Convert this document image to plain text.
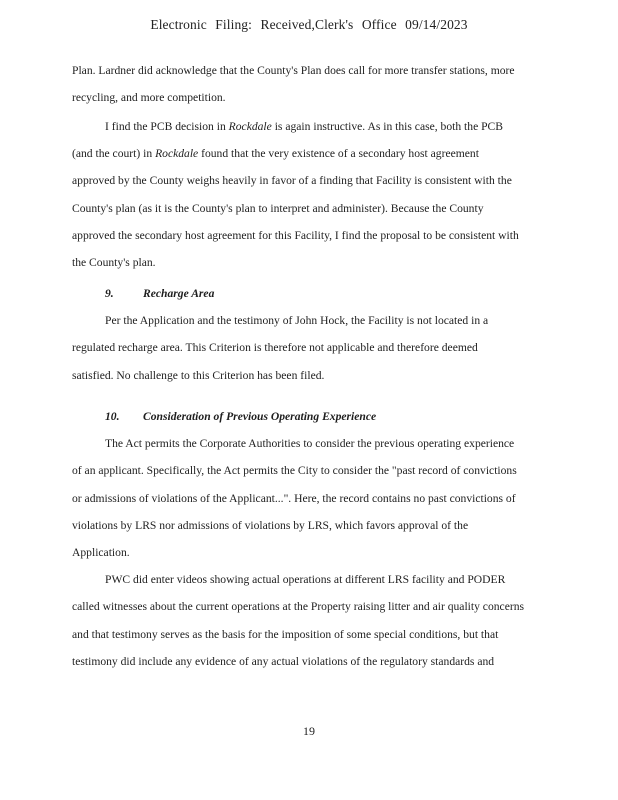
Electronic Filing: Received,Clerk's Office 09/14/2023
Plan. Lardner did acknowledge that the County's Plan does call for more transfer stations, more
recycling, and more competition.
I find the PCB decision in Rockdale is again instructive. As in this case, both the PCB
(and the court) in Rockdale found that the very existence of a secondary host agreement
approved by the County weighs heavily in favor of a finding that Facility is consistent with the
County's plan (as it is the County's plan to interpret and administer). Because the County
approved the secondary host agreement for this Facility, I find the proposal to be consistent with
the County's plan.
9.	Recharge Area
Per the Application and the testimony of John Hock, the Facility is not located in a
regulated recharge area. This Criterion is therefore not applicable and therefore deemed
satisfied. No challenge to this Criterion has been filed.
10. Consideration of Previous Operating Experience
The Act permits the Corporate Authorities to consider the previous operating experience
of an applicant. Specifically, the Act permits the City to consider the "past record of convictions
or admissions of violations of the Applicant...". Here, the record contains no past convictions of
violations by LRS nor admissions of violations by LRS, which favors approval of the
Application.
PWC did enter videos showing actual operations at different LRS facility and PODER
called witnesses about the current operations at the Property raising litter and air quality concerns
and that testimony serves as the basis for the imposition of some special conditions, but that
testimony did include any evidence of any actual violations of the regulatory standards and
19
